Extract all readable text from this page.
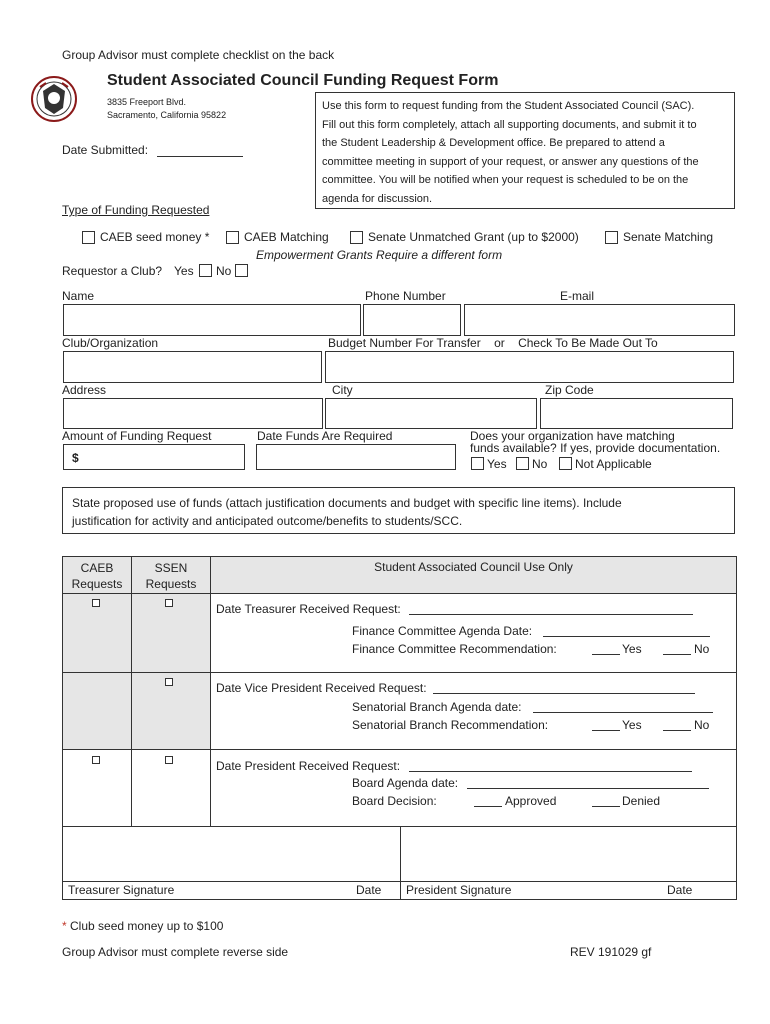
Group Advisor must complete checklist on the back
Student Associated Council Funding Request Form
3835 Freeport Blvd.
Sacramento, California 95822
Date Submitted:
Use this form to request funding from the Student Associated Council (SAC).
Fill out this form completely, attach all supporting documents, and submit it to
the Student Leadership & Development office. Be prepared to attend a
committee meeting in support of your request, or answer any questions of the
committee. You will be notified when your request is scheduled to be on the
agenda for discussion.
Type of Funding Requested
CAEB seed money *	CAEB Matching	Senate Unmatched Grant (up to $2000)	Senate Matching
Empowerment Grants Require a different form
Requestor a Club? Yes No
Name	Phone Number	E-mail
Club/Organization	Budget Number For Transfer    or    Check To Be Made Out To
Address	City	Zip Code
Amount of Funding Request	Date Funds Are Required
$
Does your organization have matching
funds available? If yes, provide documentation.
Yes No Not Applicable
State proposed use of funds (attach justification documents and budget with specific line items). Include
justification for activity and anticipated outcome/benefits to students/SCC.
CAEB
Requests
SSEN
Requests
Student Associated Council Use Only
Date Treasurer Received Request:
Finance Committee Agenda Date:
Finance Committee Recommendation:	Yes	No
Date Vice President Received Request:
Senatorial Branch Agenda date:
Senatorial Branch Recommendation:	Yes	No
Date President Received Request:
Board Agenda date:
Board Decision:	Approved	Denied
Treasurer Signature	Date President Signature	Date
* Club seed money up to $100
Group Advisor must complete reverse side	REV 191029 gf
